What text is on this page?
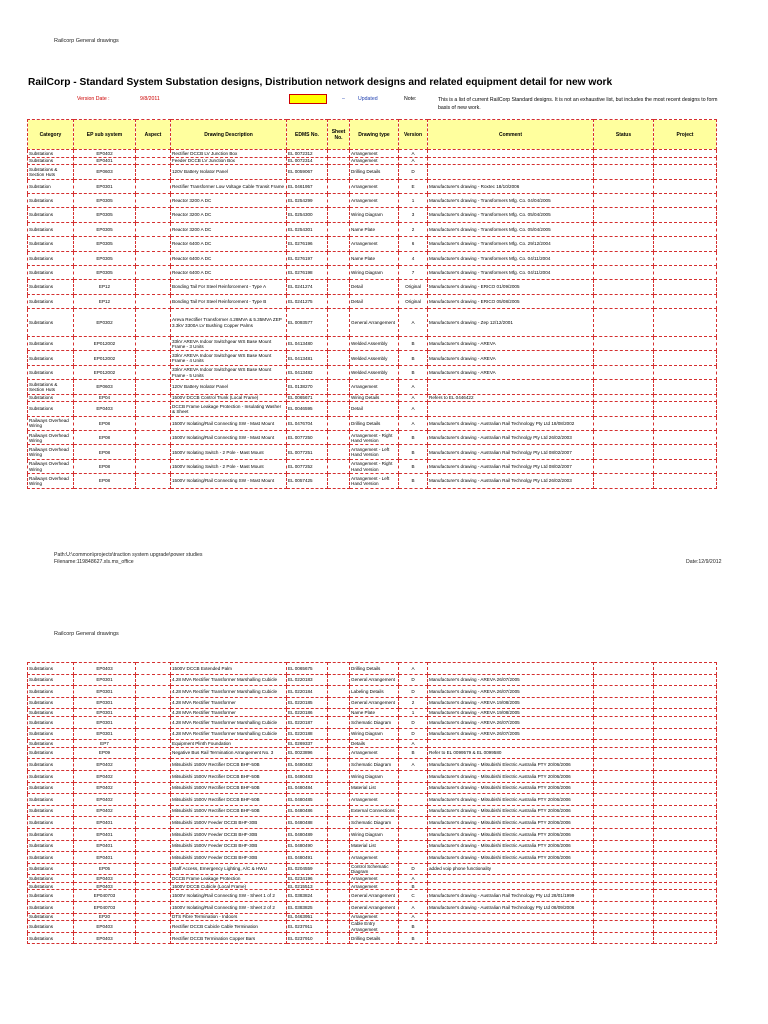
Railcorp General drawings
RailCorp - Standard System Substation designs, Distribution network designs and related equipment detail for new work
Version Date :	9/8/2011	–	Updated	Note:	This is a list of current RailCorp Standard designs. It is not an exhaustive list, but includes the most recent designs to form basis of new work.
Category	EP sub system	Aspect	Drawing Description	EDMS No.	Sheet No.	Drawing type	Version	Comment	Status	Project
Substations	EP0402		Rectifier DCCB LV Junction Box	EL 0072312		Arrangement	A			
Substations	EP0401		Feeder DCCB LV Junction Box	EL 0072314		Arrangement	A			
Substations & Section Huts	EP0603		120V Battery Isolator Panel	EL 0059067		Drilling Details	D			
Substation	EP0301		Rectifier Transformer Low Voltage Cable Transit Frame	EL 0461957		Arrangement	E	Manufacturer's drawing - Roxtec 18/10/2006		
Substations	EP0305		Reactor 3200 A DC	EL 0254299		Arrangement	1	Manufacturer's drawing - Transformers Mfg. Co. 04/04/2005		
Substations	EP0305		Reactor 3200 A DC	EL 0254300		Wiring Diagram	3	Manufacturer's drawing - Transformers Mfg. Co. 05/04/2005		
Substations	EP0305		Reactor 3200 A DC	EL 0254301		Name Plate	2	Manufacturer's drawing - Transformers Mfg. Co. 05/04/2005		
Substations	EP0305		Reactor 6400 A DC	EL 0276196		Arrangement	6	Manufacturer's drawing - Transformers Mfg. Co. 29/12/2004		
Substations	EP0305		Reactor 6400 A DC	EL 0276197		Name Plate	4	Manufacturer's drawing - Transformers Mfg. Co. 04/11/2004		
Substations	EP0305		Reactor 6400 A DC	EL 0276198		Wiring Diagram	7	Manufacturer's drawing - Transformers Mfg. Co. 04/11/2004		
Substations	EP12		Bonding Tail For Steel Reinforcement - Type A	EL 0241274		Detail	Original	Manufacturer's drawing - ERICO 01/09/2005		
Substations	EP12		Bonding Tail For Steel Reinforcement - Type B	EL 0241275		Detail	Original	Manufacturer's drawing - ERICO 05/08/2005		
Substations	EP0302		Areva Rectifier Transformer 4.28MVA & 5.35MVA ZEP 3.3kV 3300A LV Bushing Copper Palms	EL 0093577		General Arrangement	A	Manufacturer's drawing - Zep 12/12/2001		
Substations	EP012002		33kV AREVA Indoor Switchgear WS Base Mount Frame - 3 Units	EL 0413480		Welded Assembly	B	Manufacturer's drawing - AREVA		
Substations	EP012002		33kV AREVA Indoor Switchgear WS Base Mount Frame - 4 Units	EL 0413481		Welded Assembly	B	Manufacturer's drawing - AREVA		
Substations	EP012002		33kV AREVA Indoor Switchgear WS Base Mount Frame - 5 Units	EL 0413482		Welded Assembly	B	Manufacturer's drawing - AREVA		
Substations & Section Huts	EP0603		120V Battery Isolator Panel	EL 0138270		Arrangement	A			
Substations	EP04		1500V DCCB Control Trunk (Local Frame)	EL 0065671		Wiring Details	A	Refers to EL 0446422		
Substations	EP0403		DCCB Frame Leakage Protection - Insulating Washer & Sheet	EL 0046595		Detail	A			
Railways Overhead Wiring	EP08		1500V Isolating/Rail Connecting SW - Mast Mount	EL 0476704		Drilling Details	A	Manufacturer's drawing - Australian Rail Technology Pty Ltd 18/08/2002		
Railways Overhead Wiring	EP08		1500V Isolating/Rail Connecting SW - Mast Mount	EL 0077250		Arrangement - Right Hand Version	B	Manufacturer's drawing - Australian Rail Technolgy Pty Ltd 26/02/2003		
Railways Overhead Wiring	EP08		1500V Isolating Switch - 2 Pole - Mast Mount	EL 0077251		Arrangement - Left Hand Version	B	Manufacturer's drawing - Australian Rail Technolgy Pty Ltd 08/02/2007		
Railways Overhead Wiring	EP08		1500V Isolating Switch - 2 Pole - Mast Mount	EL 0077252		Arrangement - Right Hand Version	B	Manufacturer's drawing - Australian Rail Technolgy Pty Ltd 08/02/2007		
Railways Overhead Wiring	EP08		1500V Isolating/Rail Connecting SW - Mast Mount	EL 0057425		Arrangement - Left Hand Version	B	Manufacturer's drawing - Australian Rail Technolgy Pty Ltd 26/02/2003		
Path:U:\common\projects\traction system upgrade\power studies
Filename:119848627.xls.ms_office	Date:12/9/2012
Railcorp General drawings
Substations	EP0403		1500V DCCB Extended Palm	EL 0065675		Drilling Details	A			
Substations	EP0301		4.28 MVA Rectifier Transformer Marshalling Cubicle	EL 0220183		General Arrangement	D	Manufacturer's drawing - AREVA 26/07/2005		
Substations	EP0301		4.28 MVA Rectifier Transformer Marshalling Cubicle	EL 0220184		Labeling Details	D	Manufacturer's drawing - AREVA 26/07/2005		
Substations	EP0301		4.28 MVA Rectifier Transformer	EL 0220185		General Arrangement	2	Manufacturer's drawing - AREVA 19/08/2005		
Substations	EP0301		4.28 MVA Rectifier Transformer	EL 0220186		Name Plate	1	Manufacturer's drawing - AREVA 19/08/2005		
Substations	EP0301		4.28 MVA Rectifier Transformer Marshalling Cubicle	EL 0220187		Schematic Diagram	D	Manufacturer's drawing - AREVA 26/07/2005		
Substations	EP0301		4.28 MVA Rectifier Transformer Marshalling Cubicle	EL 0220188		Wiring Diagram	D	Manufacturer's drawing - AREVA 26/07/2005		
Substations	EP7		Equipment Plinth Foundation	EL 0269337		Details	A			
Substations	EP09		Negative Bus Rail Termination Arrangement No. 3	EL 0023896		Arrangement	B	Refer to EL 0099579 & EL 0099580		
Substations	EP0402		Mitsubishi 1500V Rectifier DCCB BHF-50B	EL 0480482		Schematic Diagram	A	Manufacturer's drawing - Mitsubishi Electric Australia PTY 20/06/2006		
Substations	EP0402		Mitsubishi 1500V Rectifier DCCB BHF-50B	EL 0480483		Wiring Diagram		Manufacturer's drawing - Mitsubishi Electric Australia PTY 20/06/2006		
Substations	EP0402		Mitsubishi 1500V Rectifier DCCB BHF-50B	EL 0480484		Material List		Manufacturer's drawing - Mitsubishi Electric Australia PTY 20/06/2006		
Substations	EP0402		Mitsubishi 1500V Rectifier DCCB BHF-50B	EL 0480485		Arrangement		Manufacturer's drawing - Mitsubishi Electric Australia PTY 20/06/2006		
Substations	EP0402		Mitsubishi 1500V Rectifier DCCB BHF-50B	EL 0480486		External Connections		Manufacturer's drawing - Mitsubishi Electric Australia PTY 20/06/2006		
Substations	EP0401		Mitsubishi 1500V Feeder DCCB BHF-30B	EL 0480488		Schematic Diagram		Manufacturer's drawing - Mitsubishi Electric Australia PTY 20/06/2006		
Substations	EP0401		Mitsubishi 1500V Feeder DCCB BHF-30B	EL 0480489		Wiring Diagram		Manufacturer's drawing - Mitsubishi Electric Australia PTY 20/06/2006		
Substations	EP0401		Mitsubishi 1500V Feeder DCCB BHF-30B	EL 0480490		Material List		Manufacturer's drawing - Mitsubishi Electric Australia PTY 20/06/2006		
Substations	EP0401		Mitsubishi 1500V Feeder DCCB BHF-30B	EL 0480491		Arrangement		Manufacturer's drawing - Mitsubishi Electric Australia PTY 20/06/2006		
Substations	EP05		Staff Access, Emergency Lighting, A/C & HWU	EL 0204559		Control Schematic Diagram	D	added voip phone functionality		
Substations	EP0403		DCCB Frame Leakage Protection	EL 0234196		Arrangement	A			
Substations	EP0403		1500V DCCB Cubicle (Local Frame)	EL 0215513		Arrangement	B			
Substations	EP040703		1500V Isolating/Rail Connecting SW - Sheet 1 of 2	EL 0383824		General Arrangement	C	Manufacturer's drawing - Australian Rail Technology Pty Ltd 28/01/1999		
Substations	EP040703		1500V Isolating/Rail Connecting SW - Sheet 2 of 2	EL 0383825		General Arrangement	A	Manufacturer's drawing - Australian Rail Technology Pty Ltd 08/09/2006		
Substations	EP20		DTS Fibre Termination - Indoors	EL 0463951		Arrangement	A			
Substations	EP0403		Rectifier DCCB Cubicle Cable Termination	EL 0237911		Cable Entry Arrangement	B			
Substations	EP0403		Rectifier DCCB Termination Copper Bars	EL 0237910		Drilling Details	B			
